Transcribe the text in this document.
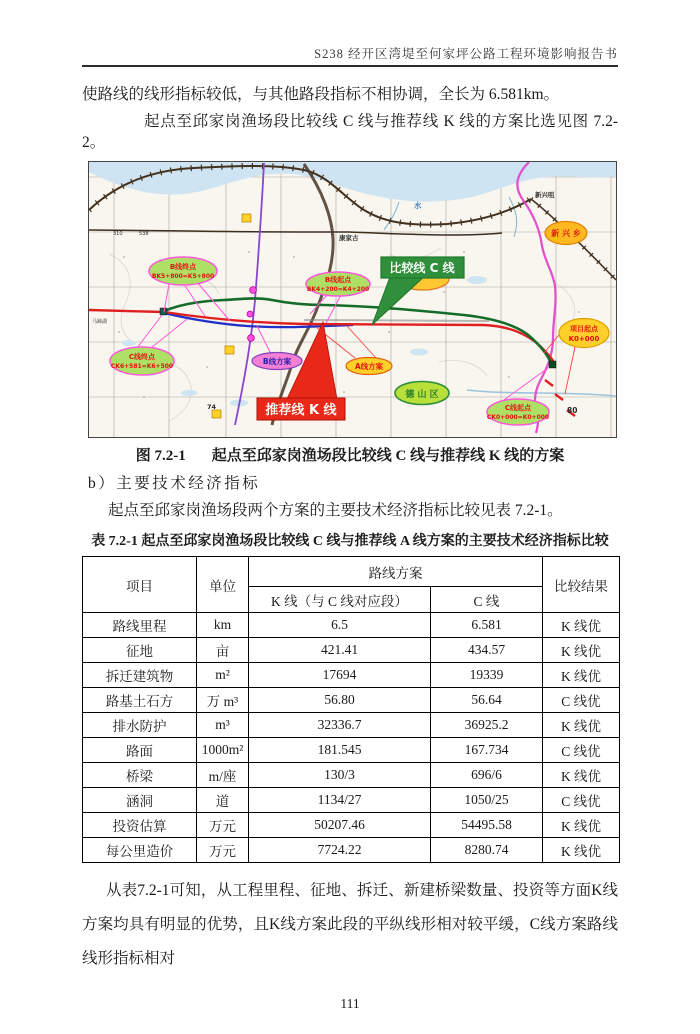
S238 经开区湾堤至何家坪公路工程环境影响报告书

使路线的线形指标较低，与其他路段指标不相协调，全长为 6.581km。

起点至邱家岗渔场段比较线 C 线与推荐线 K 线的方案比选见图 7.2-2。

310	538	康家古
新兴咀
马蹄湖
74	80
水
比较线 C 线
推荐线 K 线
B线终点
BK5+800=K5+800	B线起点
BK4+200=K4+200
C线终点
CK6+581=K6+500
C线起点
CK0+000=K0+000
B线方案
A线方案
新 兴 乡
项目起点
K0+000
德 山 区
图 7.2-1 起点至邱家岗渔场段比较线 C 线与推荐线 K 线的方案

b）主要技术经济指标

起点至邱家岗渔场段两个方案的主要技术经济指标比较见表 7.2-1。

表 7.2-1 起点至邱家岗渔场段比较线 C 线与推荐线 A 线方案的主要技术经济指标比较
项目	单位	路线方案		比较结果
		K 线（与 C 线对应段）	C 线	
路线里程	km	6.5	6.581	K 线优
征地	亩	421.41	434.57	K 线优
拆迁建筑物	m²	17694	19339	K 线优
路基土石方	万 m³	56.80	56.64	C 线优
排水防护	m³	32336.7	36925.2	K 线优
路面	1000m²	181.545	167.734	C 线优
桥梁	m/座	130/3	696/6	K 线优
涵洞	道	1134/27	1050/25	C 线优
投资估算	万元	50207.46	54495.58	K 线优
每公里造价	万元	7724.22	8280.74	K 线优

从表7.2-1可知，从工程里程、征地、拆迁、新建桥梁数量、投资等方面K线方案均具有明显的优势，且K线方案此段的平纵线形相对较平缓，C线方案路线线形指标相对

111
